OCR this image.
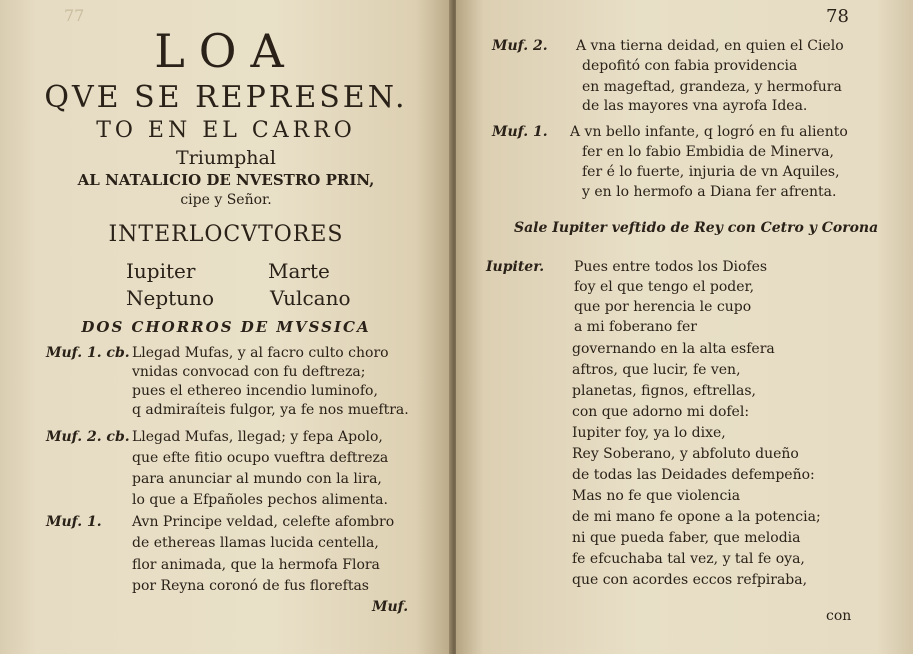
77
LOA
QVE SE REPRESEN.
TO EN EL CARRO
Triumphal
AL NATALICIO DE NVESTRO PRIN,
cipe y Señor.
INTERLOCVTORES
Iupiter	Marte
Neptuno	Vulcano
DOS CHORROS DE MVSSICA
Muf. 1. cb. Llegad Mufas, y al facro culto choro
vnidas convocad con fu deftreza;
pues el ethereo incendio luminofo,
q admiraíteis fulgor, ya fe nos mueftra.
Muf. 2. cb. Llegad Mufas, llegad; y fepa Apolo,
que efte fitio ocupo vueftra deftreza
para anunciar al mundo con la lira,
lo que a Efpañoles pechos alimenta.
Muf. 1. Avn Principe veldad, celefte afombro
de ethereas llamas lucida centella,
flor animada, que la hermofa Flora
por Reyna coronó de fus floreftas
Muf.
78
Muf. 2. A vna tierna deidad, en quien el Cielo
depofitó con fabia providencia
en mageftad, grandeza, y hermofura
de las mayores vna ayrofa Idea.
Muf. 1. A vn bello infante, q logró en fu aliento
fer en lo fabio Embidia de Minerva,
fer é lo fuerte, injuria de vn Aquiles,
y en lo hermofo a Diana fer afrenta.
Sale Iupiter veftido de Rey con Cetro y Corona
Iupiter. Pues entre todos los Diofes
foy el que tengo el poder,
que por herencia le cupo
a mi foberano fer
governando en la alta esfera
aftros, que lucir, fe ven,
planetas, fignos, eftrellas,
con que adorno mi dofel:
Iupiter foy, ya lo dixe,
Rey Soberano, y abfoluto dueño
de todas las Deidades defempeño:
Mas no fe que violencia
de mi mano fe opone a la potencia;
ni que pueda faber, que melodia
fe efcuchaba tal vez, y tal fe oya,
que con acordes eccos refpiraba,
con
